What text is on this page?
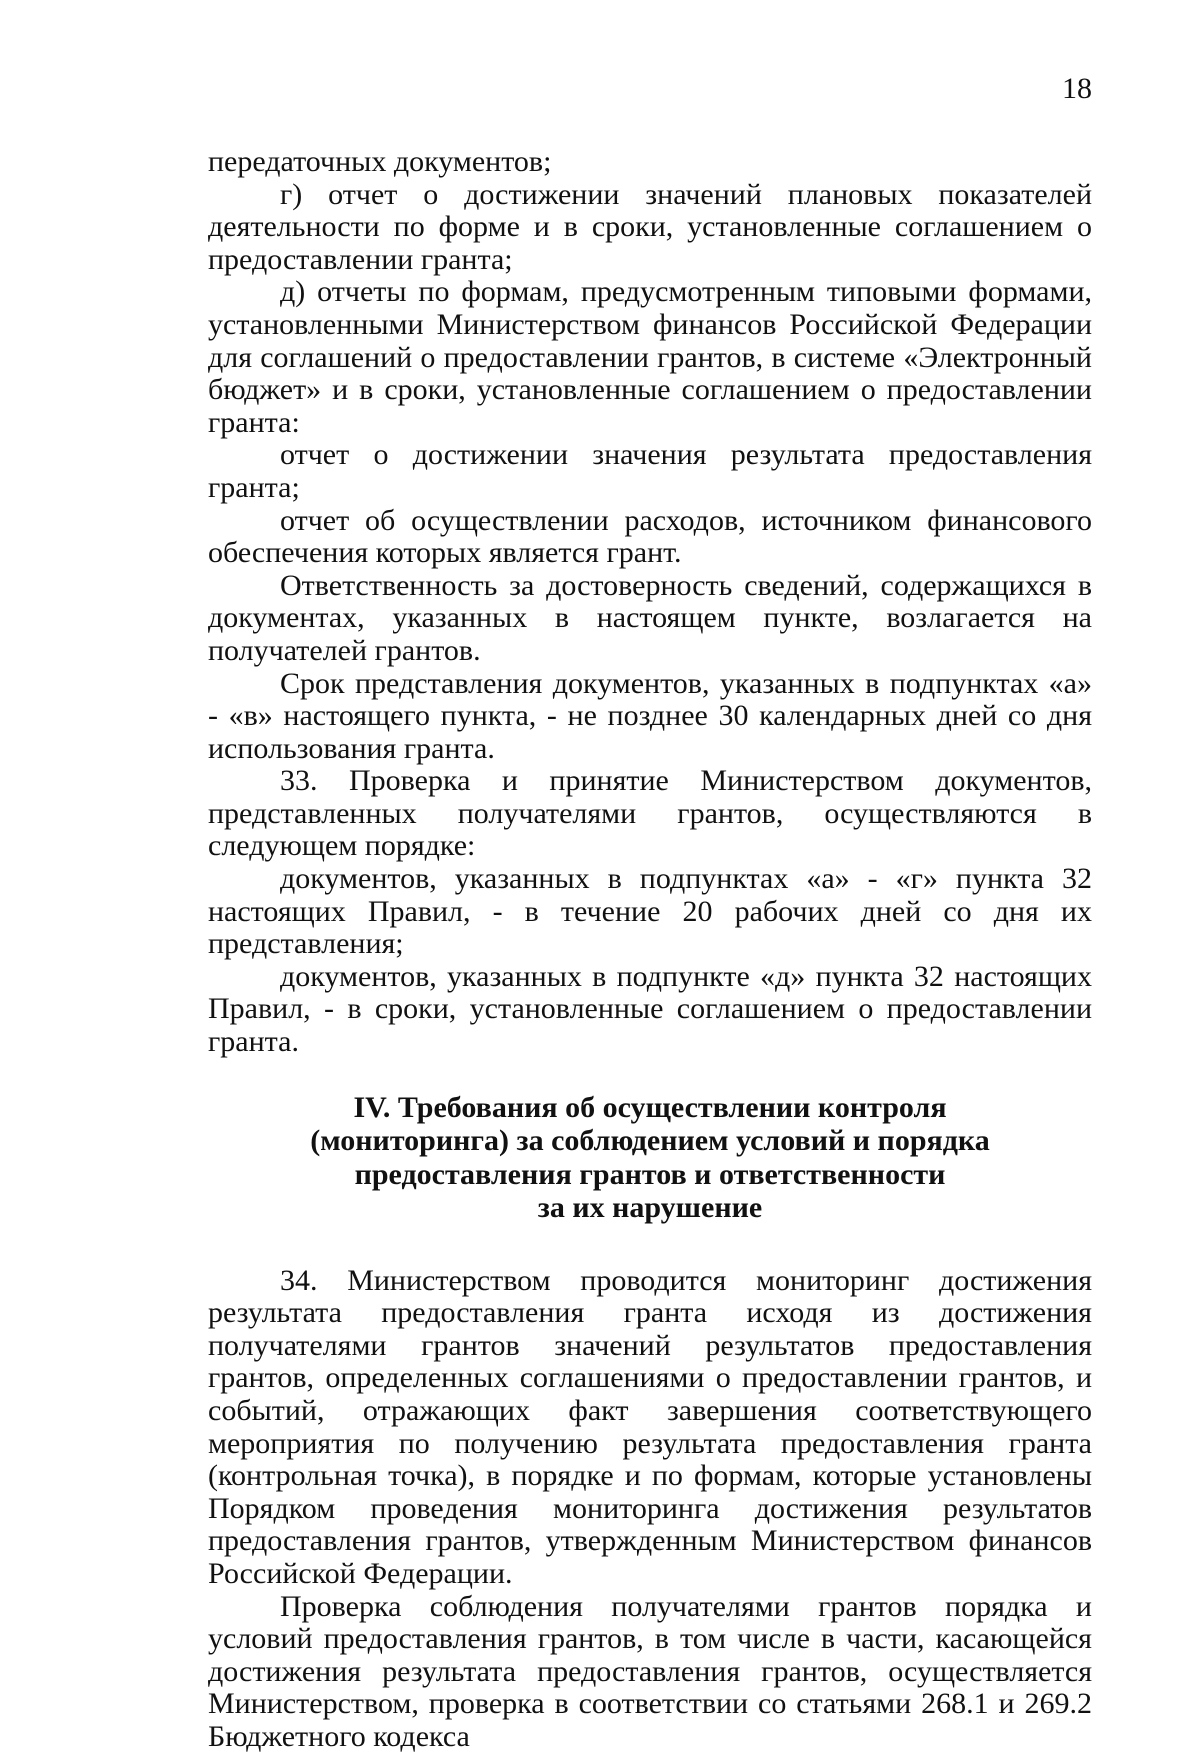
18

передаточных документов;

г) отчет о достижении значений плановых показателей деятельности по форме и в сроки, установленные соглашением о предоставлении гранта;

д) отчеты по формам, предусмотренным типовыми формами, установленными Министерством финансов Российской Федерации для соглашений о предоставлении грантов, в системе «Электронный бюджет» и в сроки, установленные соглашением о предоставлении гранта:

отчет о достижении значения результата предоставления гранта;

отчет об осуществлении расходов, источником финансового обеспечения которых является грант.

Ответственность за достоверность сведений, содержащихся в документах, указанных в настоящем пункте, возлагается на получателей грантов.

Срок представления документов, указанных в подпунктах «а» - «в» настоящего пункта, - не позднее 30 календарных дней со дня использования гранта.

33. Проверка и принятие Министерством документов, представленных получателями грантов, осуществляются в следующем порядке:

документов, указанных в подпунктах «а» - «г» пункта 32 настоящих Правил, - в течение 20 рабочих дней со дня их представления;

документов, указанных в подпункте «д» пункта 32 настоящих Правил, - в сроки, установленные соглашением о предоставлении гранта.

IV. Требования об осуществлении контроля
(мониторинга) за соблюдением условий и порядка
предоставления грантов и ответственности
за их нарушение

34. Министерством проводится мониторинг достижения результата предоставления гранта исходя из достижения получателями грантов значений результатов предоставления грантов, определенных соглашениями о предоставлении грантов, и событий, отражающих факт завершения соответствующего мероприятия по получению результата предоставления гранта (контрольная точка), в порядке и по формам, которые установлены Порядком проведения мониторинга достижения результатов предоставления грантов, утвержденным Министерством финансов Российской Федерации.

Проверка соблюдения получателями грантов порядка и условий предоставления грантов, в том числе в части, касающейся достижения результата предоставления грантов, осуществляется Министерством, проверка в соответствии со статьями 268.1 и 269.2 Бюджетного кодекса
